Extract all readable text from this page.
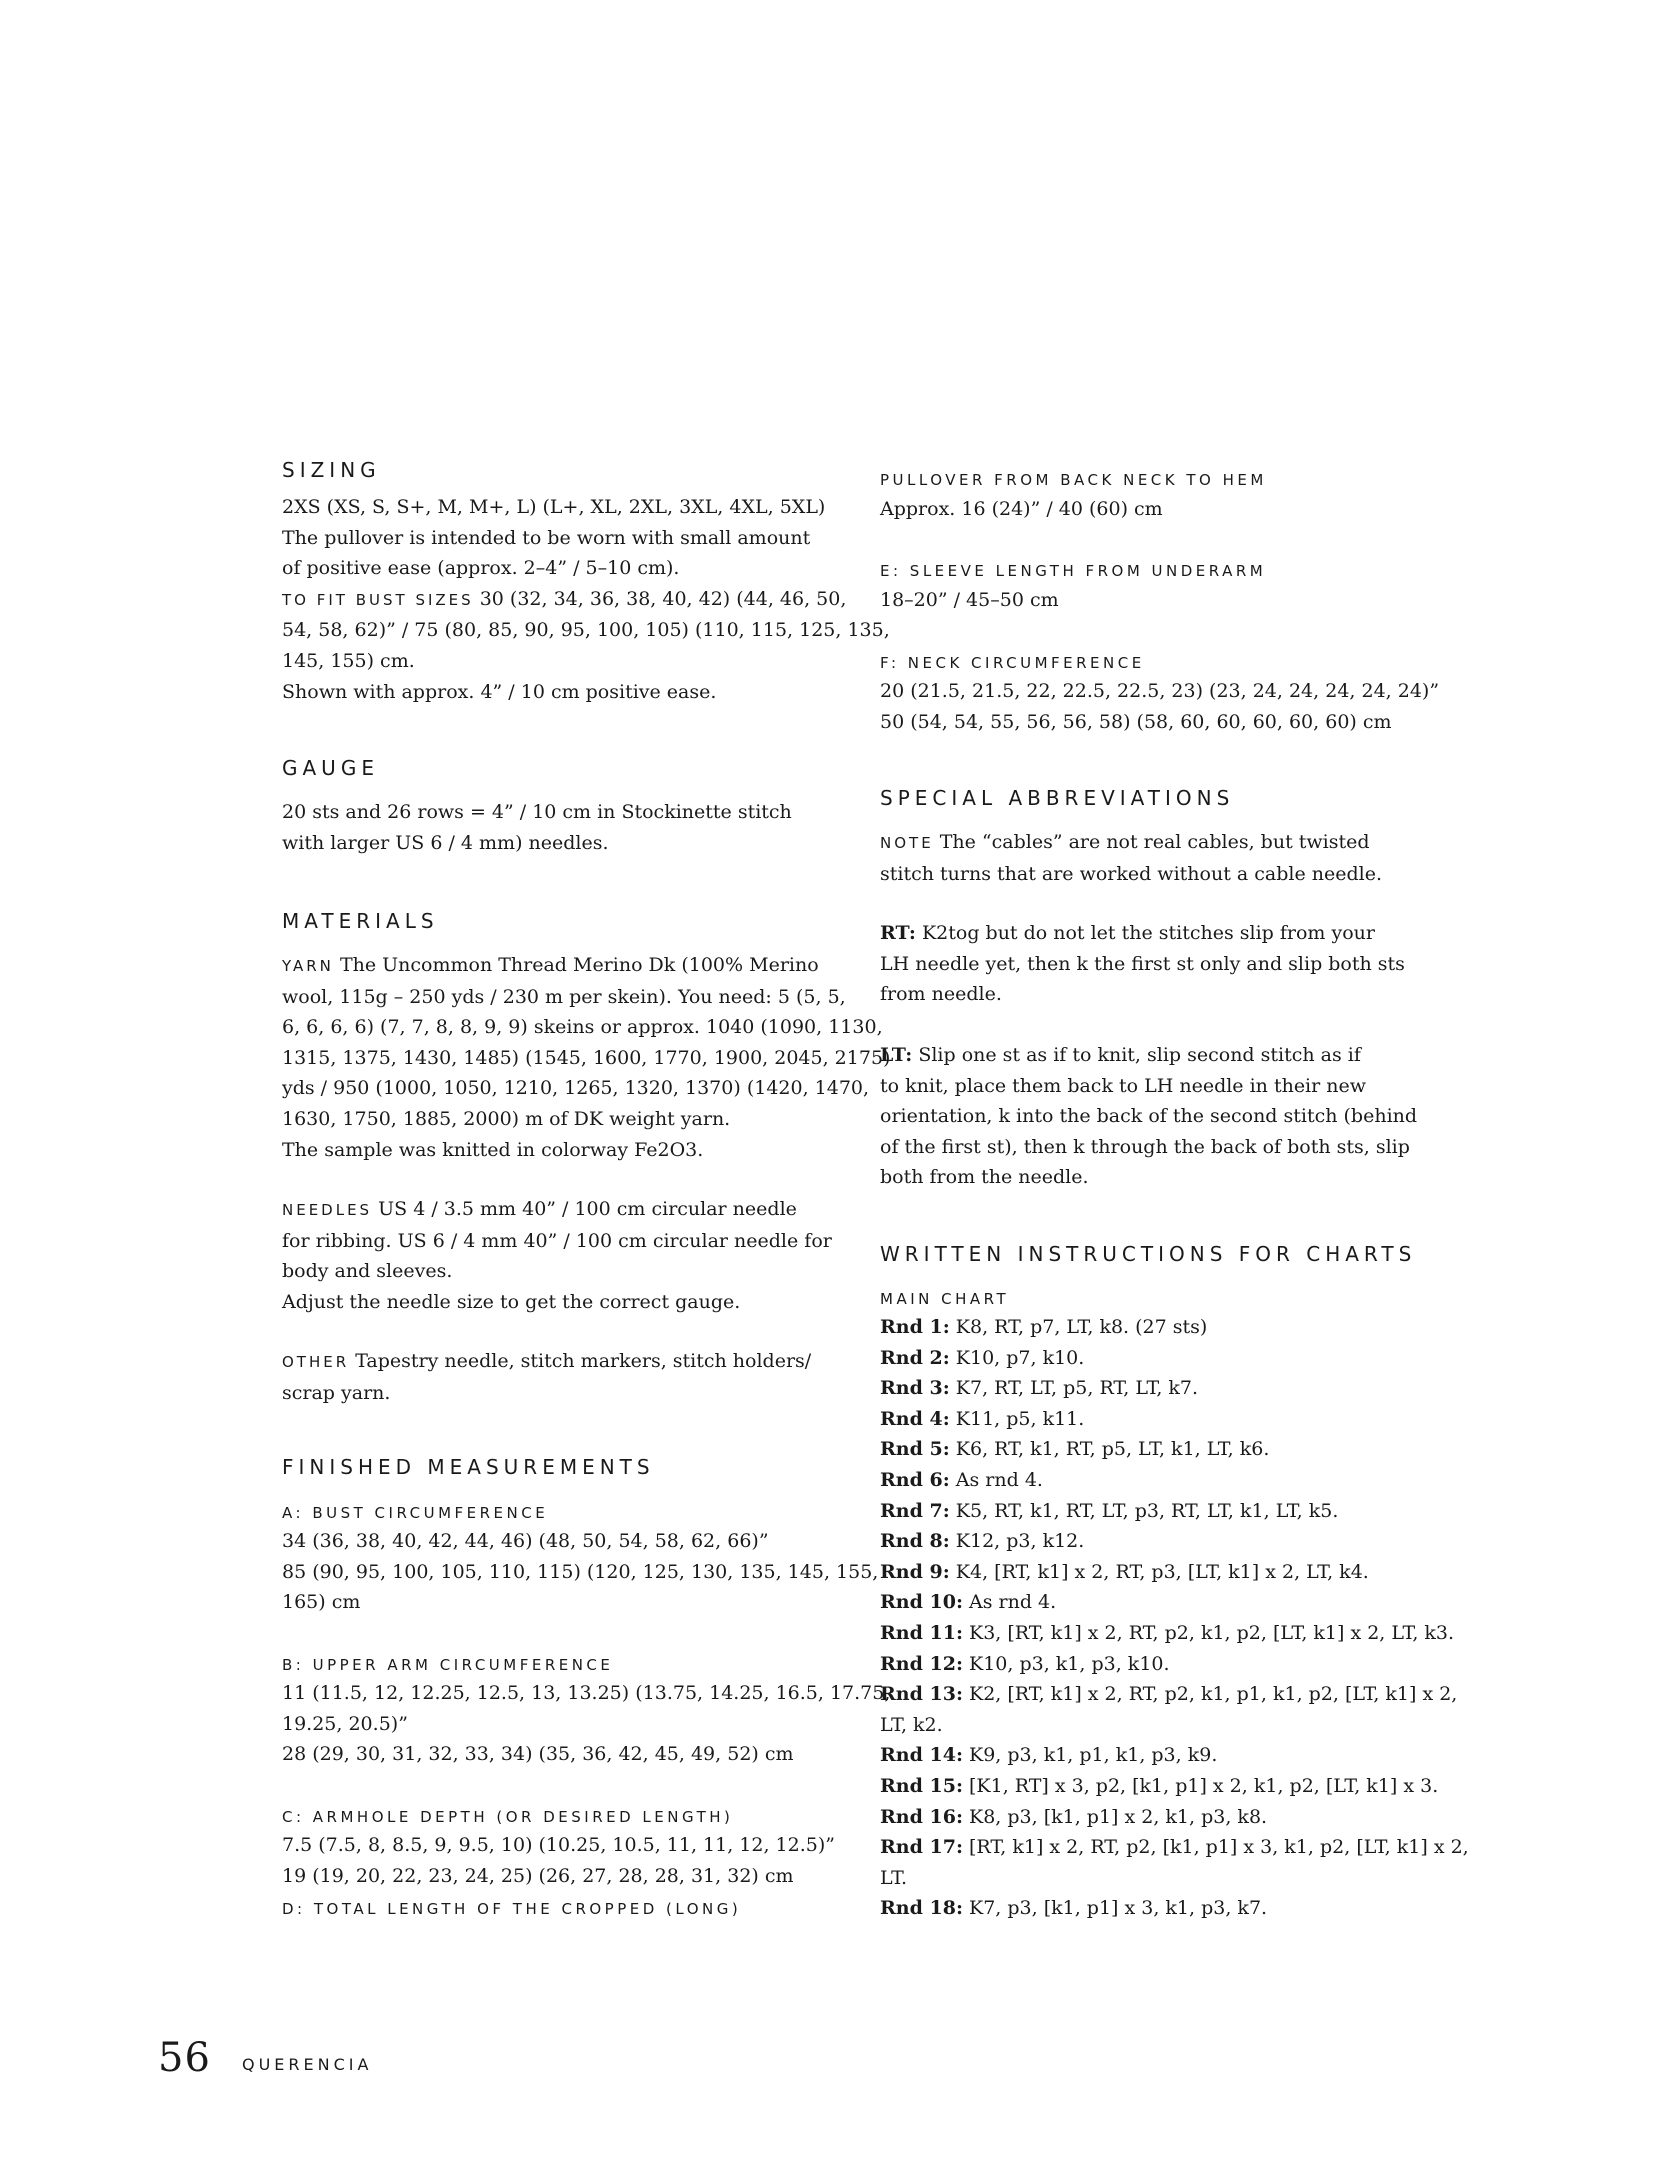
SIZING
2XS (XS, S, S+, M, M+, L) (L+, XL, 2XL, 3XL, 4XL, 5XL)
The pullover is intended to be worn with small amount
of positive ease (approx. 2–4” / 5–10 cm).
TO FIT BUST SIZES 30 (32, 34, 36, 38, 40, 42) (44, 46, 50,
54, 58, 62)” / 75 (80, 85, 90, 95, 100, 105) (110, 115, 125, 135,
145, 155) cm.
Shown with approx. 4” / 10 cm positive ease.
GAUGE
20 sts and 26 rows = 4” / 10 cm in Stockinette stitch
with larger US 6 / 4 mm) needles.
MATERIALS
YARN The Uncommon Thread Merino Dk (100% Merino
wool, 115g – 250 yds / 230 m per skein). You need: 5 (5, 5,
6, 6, 6, 6) (7, 7, 8, 8, 9, 9) skeins or approx. 1040 (1090, 1130,
1315, 1375, 1430, 1485) (1545, 1600, 1770, 1900, 2045, 2175)
yds / 950 (1000, 1050, 1210, 1265, 1320, 1370) (1420, 1470,
1630, 1750, 1885, 2000) m of DK weight yarn.
The sample was knitted in colorway Fe2O3.
NEEDLES US 4 / 3.5 mm 40” / 100 cm circular needle
for ribbing. US 6 / 4 mm 40” / 100 cm circular needle for
body and sleeves.
Adjust the needle size to get the correct gauge.
OTHER Tapestry needle, stitch markers, stitch holders/
scrap yarn.
FINISHED MEASUREMENTS
A: BUST CIRCUMFERENCE
34 (36, 38, 40, 42, 44, 46) (48, 50, 54, 58, 62, 66)”
85 (90, 95, 100, 105, 110, 115) (120, 125, 130, 135, 145, 155,
165) cm
B: UPPER ARM CIRCUMFERENCE
11 (11.5, 12, 12.25, 12.5, 13, 13.25) (13.75, 14.25, 16.5, 17.75,
19.25, 20.5)”
28 (29, 30, 31, 32, 33, 34) (35, 36, 42, 45, 49, 52) cm
C: ARMHOLE DEPTH (OR DESIRED LENGTH)
7.5 (7.5, 8, 8.5, 9, 9.5, 10) (10.25, 10.5, 11, 11, 12, 12.5)”
19 (19, 20, 22, 23, 24, 25) (26, 27, 28, 28, 31, 32) cm
D: TOTAL LENGTH OF THE CROPPED (LONG)
PULLOVER FROM BACK NECK TO HEM
Approx. 16 (24)” / 40 (60) cm
E: SLEEVE LENGTH FROM UNDERARM
18–20” / 45–50 cm
F: NECK CIRCUMFERENCE
20 (21.5, 21.5, 22, 22.5, 22.5, 23) (23, 24, 24, 24, 24, 24)”
50 (54, 54, 55, 56, 56, 58) (58, 60, 60, 60, 60, 60) cm
SPECIAL ABBREVIATIONS
NOTE The “cables” are not real cables, but twisted
stitch turns that are worked without a cable needle.
RT: K2tog but do not let the stitches slip from your
LH needle yet, then k the first st only and slip both sts
from needle.
LT: Slip one st as if to knit, slip second stitch as if
to knit, place them back to LH needle in their new
orientation, k into the back of the second stitch (behind
of the first st), then k through the back of both sts, slip
both from the needle.
WRITTEN INSTRUCTIONS FOR CHARTS
MAIN CHART
Rnd 1: K8, RT, p7, LT, k8. (27 sts)
Rnd 2: K10, p7, k10.
Rnd 3: K7, RT, LT, p5, RT, LT, k7.
Rnd 4: K11, p5, k11.
Rnd 5: K6, RT, k1, RT, p5, LT, k1, LT, k6.
Rnd 6: As rnd 4.
Rnd 7: K5, RT, k1, RT, LT, p3, RT, LT, k1, LT, k5.
Rnd 8: K12, p3, k12.
Rnd 9: K4, [RT, k1] x 2, RT, p3, [LT, k1] x 2, LT, k4.
Rnd 10: As rnd 4.
Rnd 11: K3, [RT, k1] x 2, RT, p2, k1, p2, [LT, k1] x 2, LT, k3.
Rnd 12: K10, p3, k1, p3, k10.
Rnd 13: K2, [RT, k1] x 2, RT, p2, k1, p1, k1, p2, [LT, k1] x 2,
LT, k2.
Rnd 14: K9, p3, k1, p1, k1, p3, k9.
Rnd 15: [K1, RT] x 3, p2, [k1, p1] x 2, k1, p2, [LT, k1] x 3.
Rnd 16: K8, p3, [k1, p1] x 2, k1, p3, k8.
Rnd 17: [RT, k1] x 2, RT, p2, [k1, p1] x 3, k1, p2, [LT, k1] x 2,
LT.
Rnd 18: K7, p3, [k1, p1] x 3, k1, p3, k7.
56 QUERENCIA
